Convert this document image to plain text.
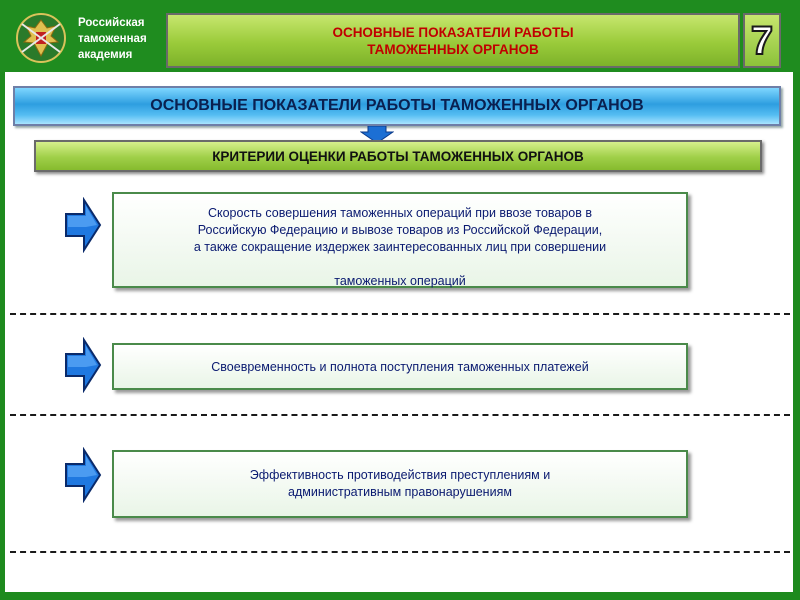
Российская
таможенная
академия
ОСНОВНЫЕ ПОКАЗАТЕЛИ РАБОТЫ
ТАМОЖЕННЫХ ОРГАНОВ	7
ОСНОВНЫЕ ПОКАЗАТЕЛИ РАБОТЫ ТАМОЖЕННЫХ ОРГАНОВ
КРИТЕРИИ ОЦЕНКИ РАБОТЫ ТАМОЖЕННЫХ ОРГАНОВ
Скорость совершения таможенных операций при ввозе товаров в
Российскую Федерацию и вывозе товаров из Российской Федерации,
а также сокращение издержек заинтересованных лиц при совершении
таможенных операций
Своевременность и полнота поступления таможенных платежей
Эффективность противодействия преступлениям и
административным правонарушениям
